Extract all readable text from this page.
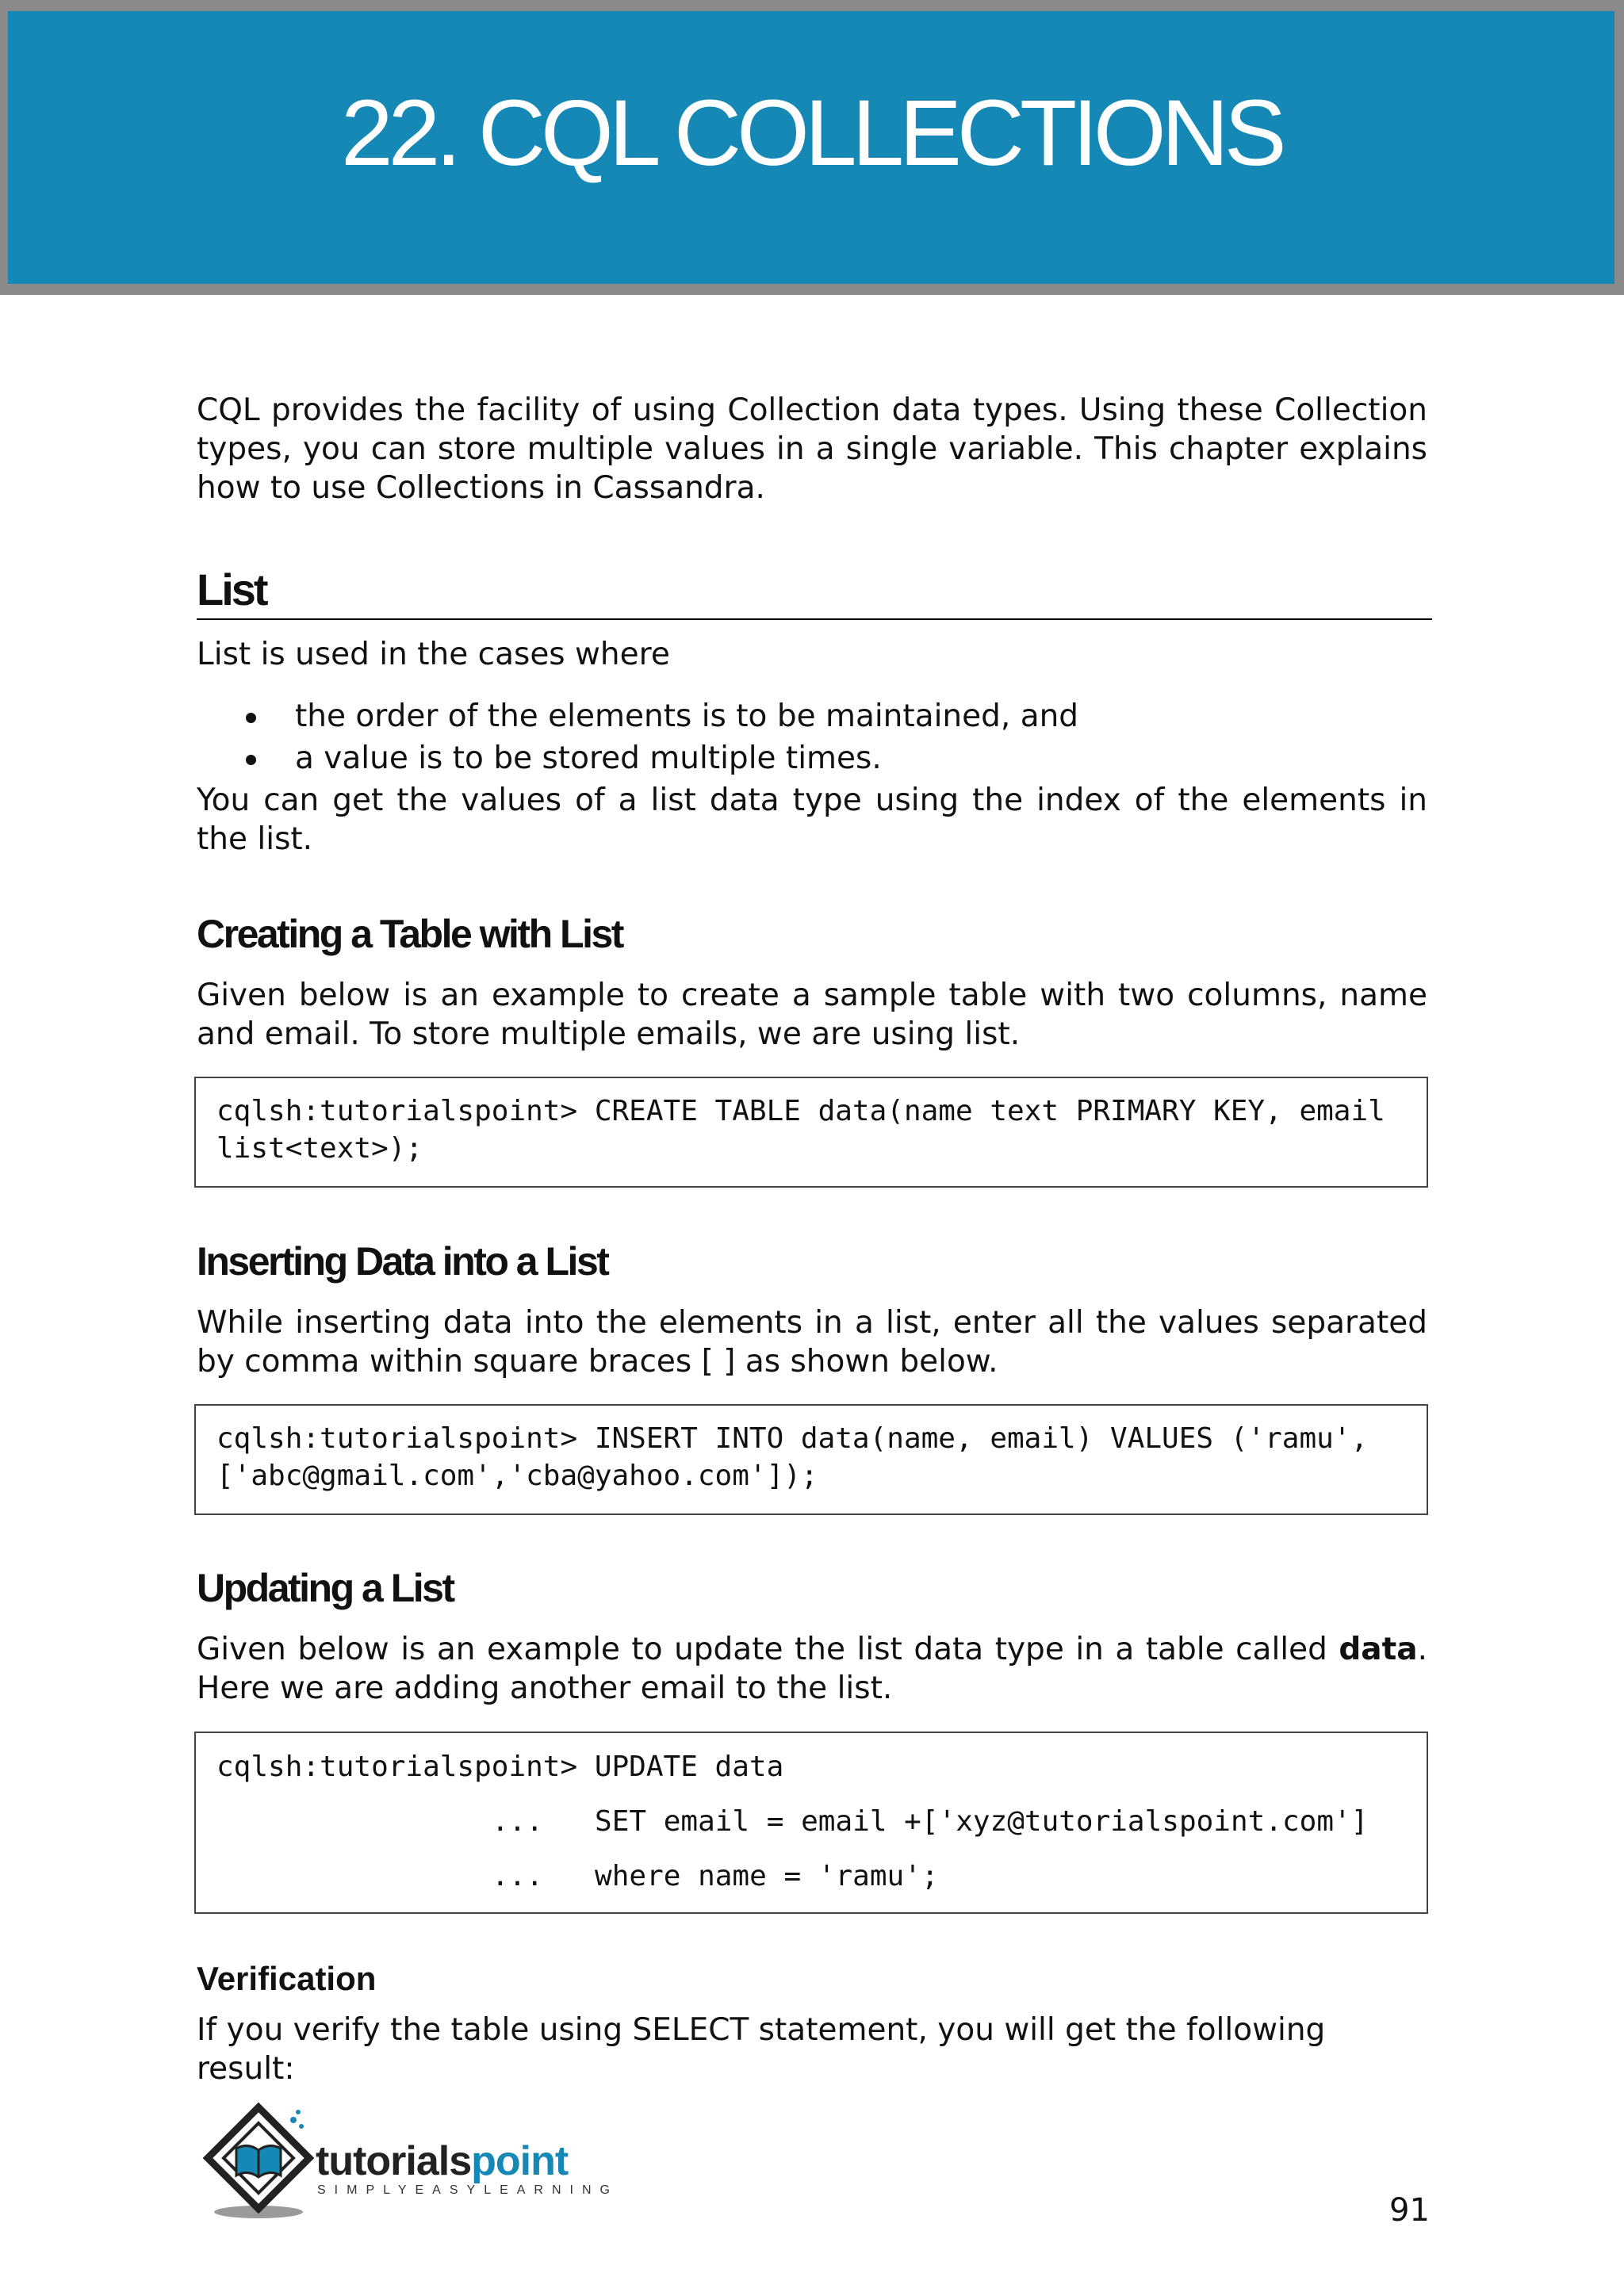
22. CQL COLLECTIONS

CQL provides the facility of using Collection data types. Using these Collection types, you can store multiple values in a single variable. This chapter explains how to use Collections in Cassandra.

List

List is used in the cases where

the order of the elements is to be maintained, and
a value is to be stored multiple times.

You can get the values of a list data type using the index of the elements in the list.

Creating a Table with List

Given below is an example to create a sample table with two columns, name and email. To store multiple emails, we are using list.

cqlsh:tutorialspoint> CREATE TABLE data(name text PRIMARY KEY, email
list<text>);
Inserting Data into a List

While inserting data into the elements in a list, enter all the values separated by comma within square braces [ ] as shown below.

cqlsh:tutorialspoint> INSERT INTO data(name, email) VALUES ('ramu',
['abc@gmail.com','cba@yahoo.com']);
Updating a List

Given below is an example to update the list data type in a table called data. Here we are adding another email to the list.

cqlsh:tutorialspoint> UPDATE data
...   SET email = email +['xyz@tutorialspoint.com']
...   where name = 'ramu';
Verification

If you verify the table using SELECT statement, you will get the following result:

tutorialspoint
SIMPLYEASYLEARNING
91
